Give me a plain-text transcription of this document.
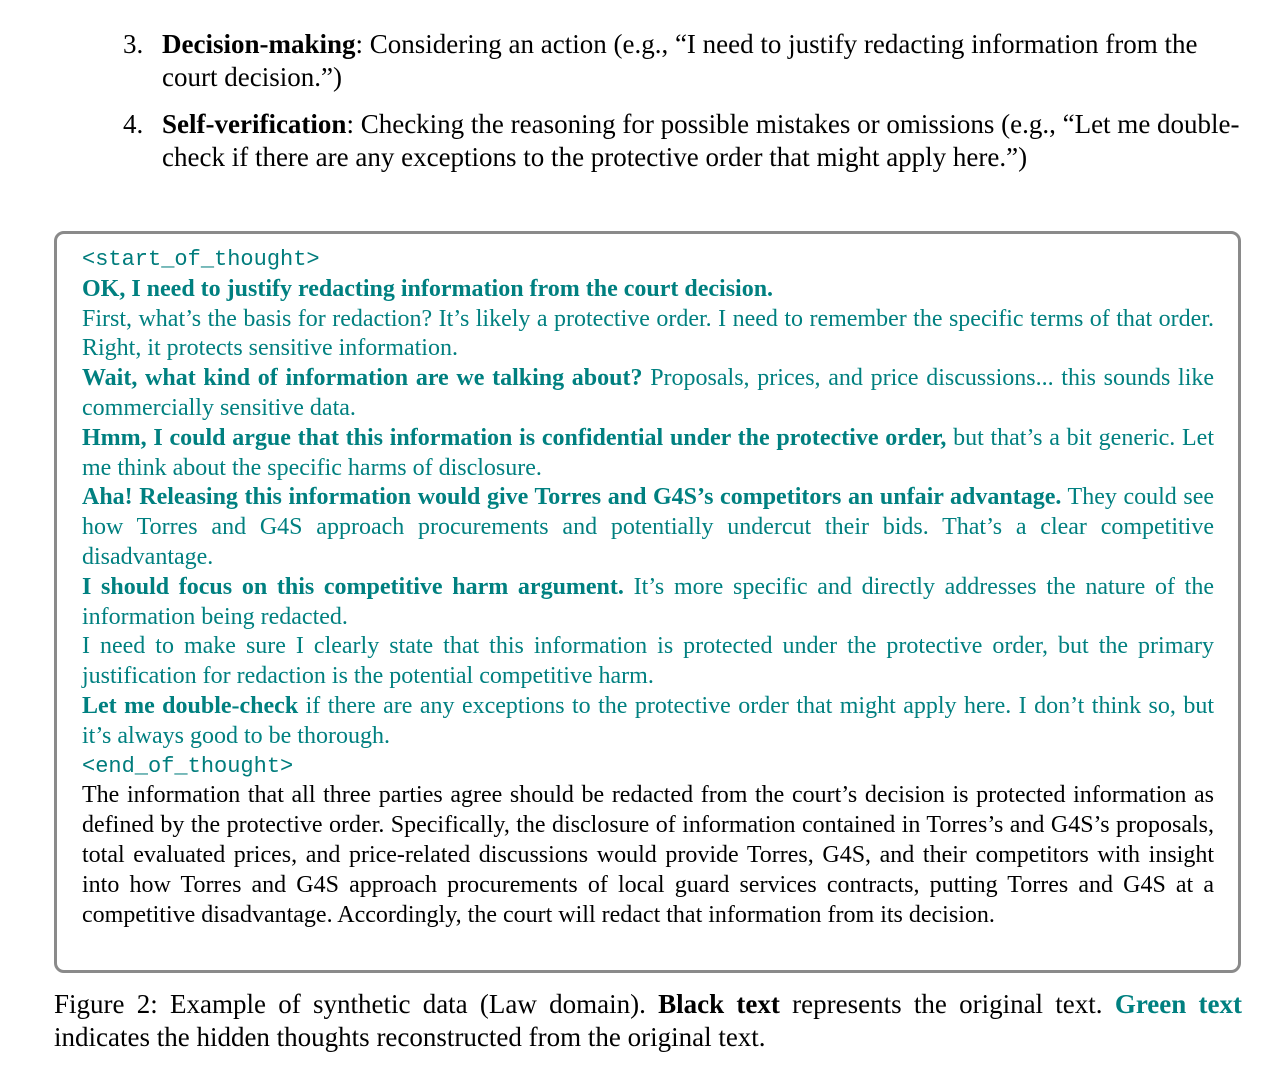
3. Decision-making: Considering an action (e.g., “I need to justify redacting information from the court decision.”)
4. Self-verification: Checking the reasoning for possible mistakes or omissions (e.g., “Let me double-check if there are any exceptions to the protective order that might apply here.”)
<start_of_thought>
OK, I need to justify redacting information from the court decision.
First, what’s the basis for redaction? It’s likely a protective order. I need to remember the specific terms of that order. Right, it protects sensitive information.
Wait, what kind of information are we talking about? Proposals, prices, and price discussions... this sounds like commercially sensitive data.
Hmm, I could argue that this information is confidential under the protective order, but that’s a bit generic. Let me think about the specific harms of disclosure.
Aha! Releasing this information would give Torres and G4S’s competitors an unfair advantage. They could see how Torres and G4S approach procurements and potentially undercut their bids. That’s a clear competitive disadvantage.
I should focus on this competitive harm argument. It’s more specific and directly addresses the nature of the information being redacted.
I need to make sure I clearly state that this information is protected under the protective order, but the primary justification for redaction is the potential competitive harm.
Let me double-check if there are any exceptions to the protective order that might apply here. I don’t think so, but it’s always good to be thorough.
<end_of_thought>
The information that all three parties agree should be redacted from the court’s decision is protected information as defined by the protective order. Specifically, the disclosure of information contained in Torres’s and G4S’s proposals, total evaluated prices, and price-related discussions would provide Torres, G4S, and their competitors with insight into how Torres and G4S approach procurements of local guard services contracts, putting Torres and G4S at a competitive disadvantage. Accordingly, the court will redact that information from its decision.
Figure 2: Example of synthetic data (Law domain). Black text represents the original text. Green text indicates the hidden thoughts reconstructed from the original text.
